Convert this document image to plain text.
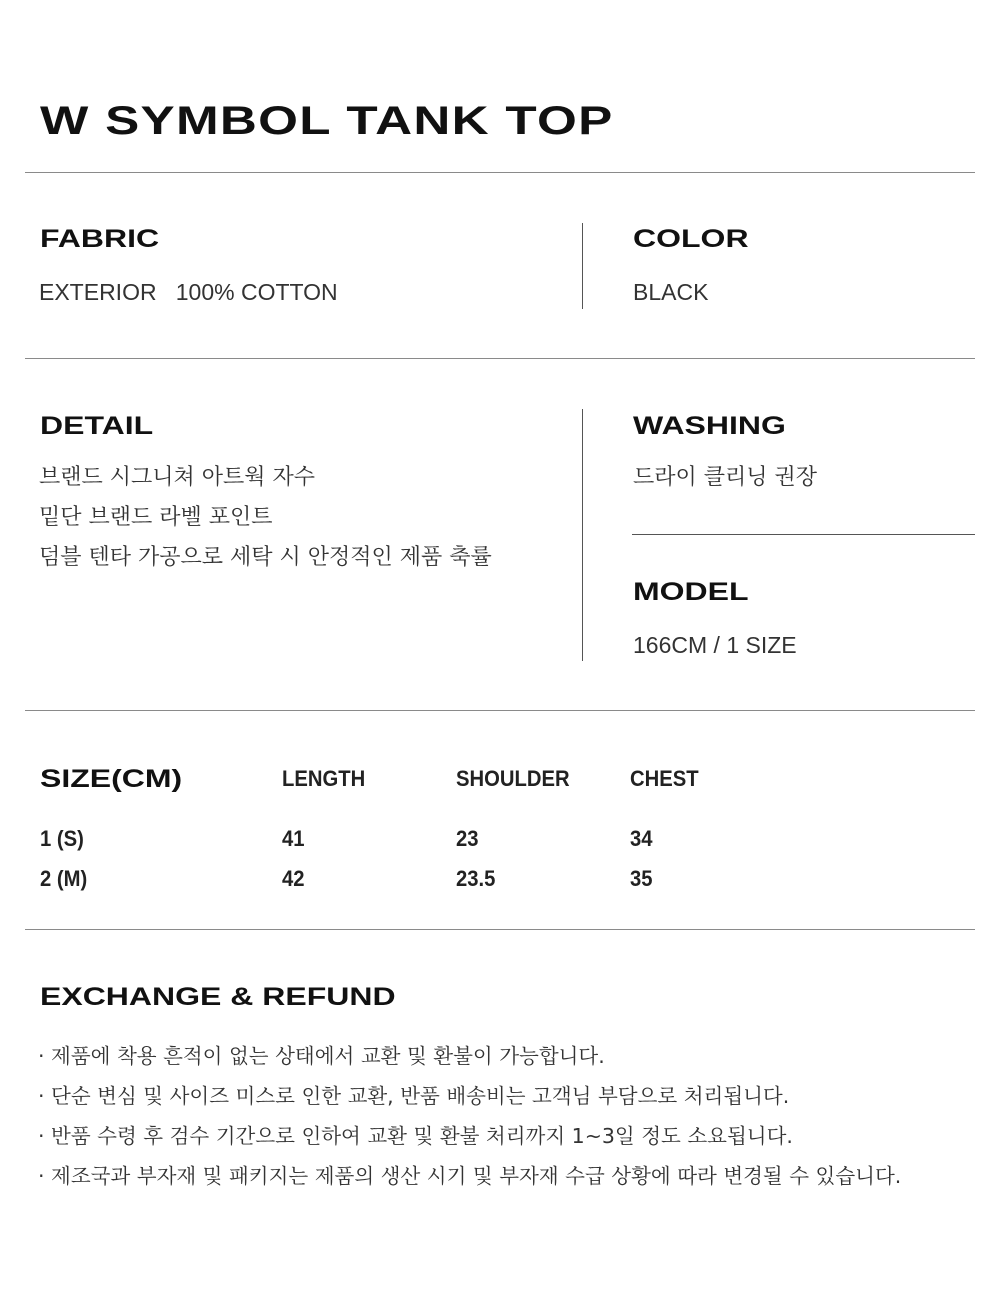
W SYMBOL TANK TOP
FABRIC
EXTERIOR   100% COTTON
COLOR
BLACK
DETAIL
브랜드 시그니쳐 아트웍 자수
밑단 브랜드 라벨 포인트
덤블 텐타 가공으로 세탁 시 안정적인 제품 축률
WASHING
드라이 클리닝 권장
MODEL
166CM / 1 SIZE
SIZE(CM)	LENGTH	SHOULDER	CHEST
1 (S)	41	23	34
2 (M)	42	23.5	35
EXCHANGE & REFUND
· 제품에 착용 흔적이 없는 상태에서 교환 및 환불이 가능합니다.
· 단순 변심 및 사이즈 미스로 인한 교환, 반품 배송비는 고객님 부담으로 처리됩니다.
· 반품 수령 후 검수 기간으로 인하여 교환 및 환불 처리까지 1~3일 정도 소요됩니다.
· 제조국과 부자재 및 패키지는 제품의 생산 시기 및 부자재 수급 상황에 따라 변경될 수 있습니다.
